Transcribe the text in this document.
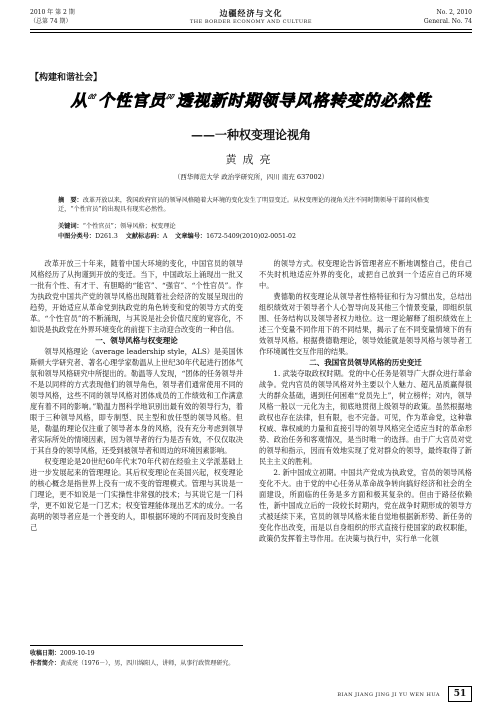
2010 年 第 2 期
（总第 74 期）
边疆经济与文化
THE BORDER ECONOMY AND CULTURE
No. 2, 2010
General. No. 74
【构建和谐社会】
从“个性官员”透视新时期领导风格转变的必然性
——一种权变理论视角
黄成亮
（西华师范大学 政治学研究所，四川 南充 637002）
摘　要：改革开放以来，我国政府官员的领导风格随着大环境的变化发生了明显变迁。从权变理论的视角关注不同时期领导干部的风格变迁，“个性官员”的出现具有现实必然性。
关键词：“个性官员”；领导风格；权变理论
中图分类号：D261.3 文献标志码：A 文章编号：1672-5409(2010)02-0051-02

改革开放三十年来，随着中国大环境的变化，中国官员的领导风格经历了从拘谨到开放的变迁。当下，中国政坛上涌现出一批又一批有个性、有才干、有胆略的“能官”、“强官”、“个性官员”。作为执政党中国共产党的领导风格出现随着社会经济的发展呈现出的趋势，开始适应从革命党到执政党的角色转变和党的领导方式的变革。“个性官员”的不断涌现，与其说是社会价值尺度的宽容化，不如说是执政党在外界环境变化的前提下主动迎合改变的一种自信。

一、领导风格与权变理论

领导风格理论（average leadership style，ALS）是美国休斯顿大学研究者、著名心理学家勒温从上世纪30年代起进行团体气氛和领导风格研究中所提出的。勒温等人发现，“团体的任务领导并不是以同样的方式表现他们的领导角色，领导者们通常使用不同的领导风格，这些不同的领导风格对团体成员的工作绩效和工作满意度有着不同的影响。”勒温力图科学地识别出最有效的领导行为，着眼于三种领导风格，即专制型、民主型和放任型的领导风格。但是，勒温的理论仅注重了领导者本身的风格，没有充分考虑到领导者实际所处的情境因素，因为领导者的行为是否有效，不仅仅取决于其自身的领导风格，还受到被领导者和周边的环境因素影响。

权变理论是20世纪60年代末70年代初在经验主义学派基础上进一步发展起来的管理理论。其后权变理论在美国兴起，权变理论的核心概念是指世界上没有一成不变的管理模式。管理与其说是一门理论，更不如说是一门实操性非常强的技术；与其说它是一门科学，更不如说它是一门艺术；权变管理能体现出艺术的成分。一名高明的领导者应是一个善变的人，即根据环境的不同而及时变换自己

的领导方式。权变理论告诉管理者应不断地调整自己，使自己不失时机地适应外界的变化，或把自己放到一个适应自己的环境中。

费德勒的权变理论从领导者性格特征和行为习惯出发，总结出组织绩效对于领导者个人心智导向及其他三个情景变量，即组织氛围、任务结构以及领导者权力地位。这一理论解释了组织绩效在上述三个变量不同作用下的不同结果，揭示了在不同变量情境下的有效领导风格。根据费德勒理论，领导效能就是领导风格与领导者工作环境属性交互作用的结果。

二、我国官员领导风格的历史变迁

1. 武装夺取政权时期。党的中心任务是领导广大群众进行革命战争。党内官员的领导风格对外主要以个人魅力、超凡品质赢得很大的群众基础，遇到任何困难“党员先上”，树立榜样；对内，领导风格一般以一元化为主，彻底地贯彻上级领导的政策。虽然根据地政权也存在法律，但有限，也不完备。可见，作为革命党，这种靠权威、靠权威的力量和直接引导的领导风格完全适应当时的革命形势、政治任务和客观情况，是当时唯一的选择。由于广大官员对党的领导和指示，因而有效地实现了党对群众的领导，最终取得了新民主主义的胜利。

2. 新中国成立初期。中国共产党成为执政党，官员的领导风格变化不大。由于党的中心任务从革命战争转向搞好经济和社会的全面建设，所面临的任务是多方面和极其复杂的。但由于路径依赖性，新中国成立后的一段较长时期内，党在战争时期形成的领导方式被延续下来，官员的领导风格未能自觉地根据新形势、新任务的变化作出改变，而是以自身组织的形式直接行使国家的政权职能，政策仍发挥着主导作用。在决策与执行中，实行单一化领

收稿日期：2009-10-19
作者简介：黄成亮（1976－），男，四川绵阳人，讲师，从事行政管理研究。
BIAN JIANG JING JI YU WEN HUA	51
